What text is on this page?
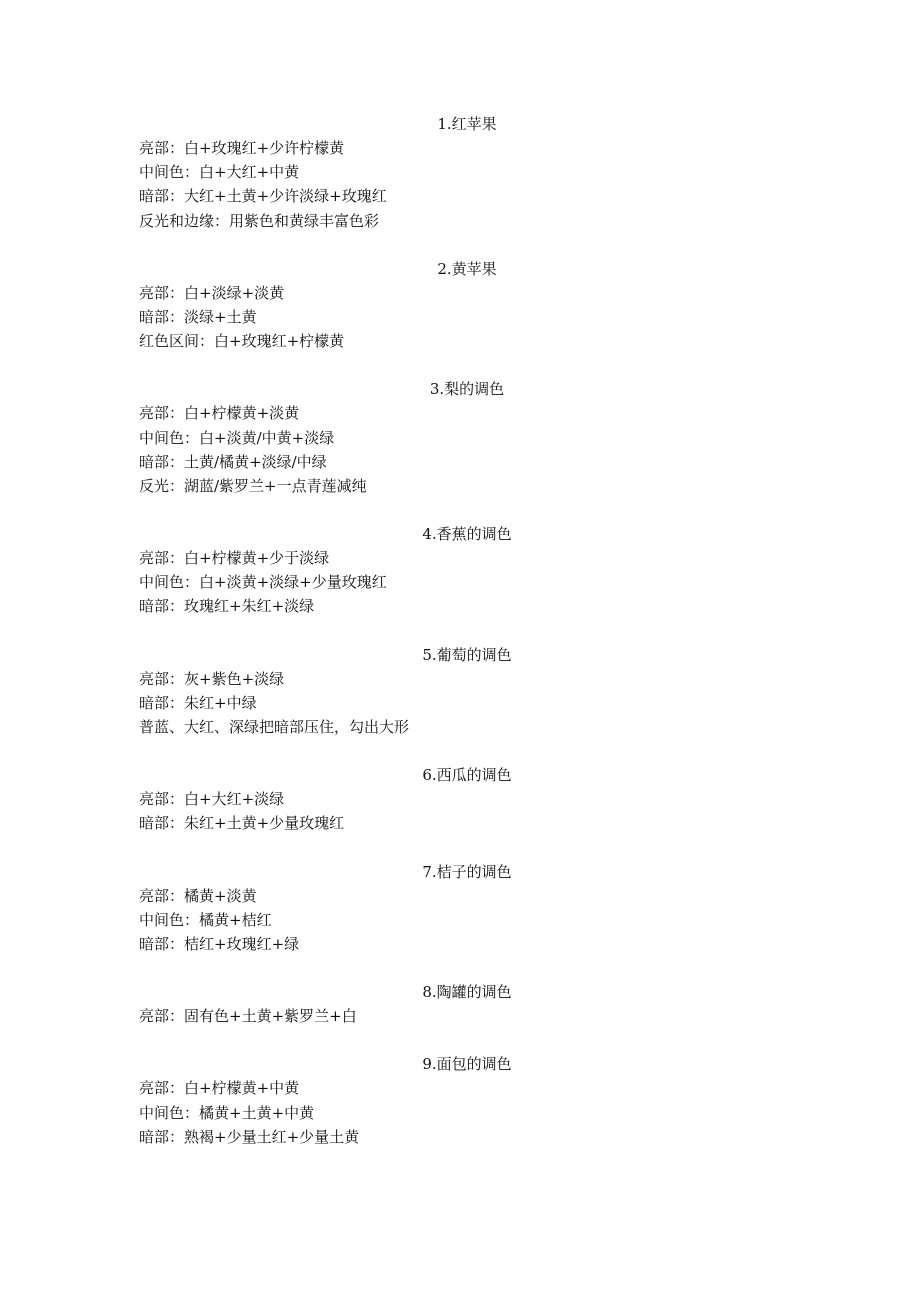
1.红苹果
亮部：白+玫瑰红+少许柠檬黄
中间色：白+大红+中黄
暗部：大红+土黄+少许淡绿+玫瑰红
反光和边缘：用紫色和黄绿丰富色彩
2.黄苹果
亮部：白+淡绿+淡黄
暗部：淡绿+土黄
红色区间：白+玫瑰红+柠檬黄
3.梨的调色
亮部：白+柠檬黄+淡黄
中间色：白+淡黄/中黄+淡绿
暗部：土黄/橘黄+淡绿/中绿
反光：湖蓝/紫罗兰+一点青莲减纯
4.香蕉的调色
亮部：白+柠檬黄+少于淡绿
中间色：白+淡黄+淡绿+少量玫瑰红
暗部：玫瑰红+朱红+淡绿
5.葡萄的调色
亮部：灰+紫色+淡绿
暗部：朱红+中绿
普蓝、大红、深绿把暗部压住，勾出大形
6.西瓜的调色
亮部：白+大红+淡绿
暗部：朱红+土黄+少量玫瑰红
7.桔子的调色
亮部：橘黄+淡黄
中间色：橘黄+桔红
暗部：桔红+玫瑰红+绿
8.陶罐的调色
亮部：固有色+土黄+紫罗兰+白
9.面包的调色
亮部：白+柠檬黄+中黄
中间色：橘黄+土黄+中黄
暗部：熟褐+少量土红+少量土黄
